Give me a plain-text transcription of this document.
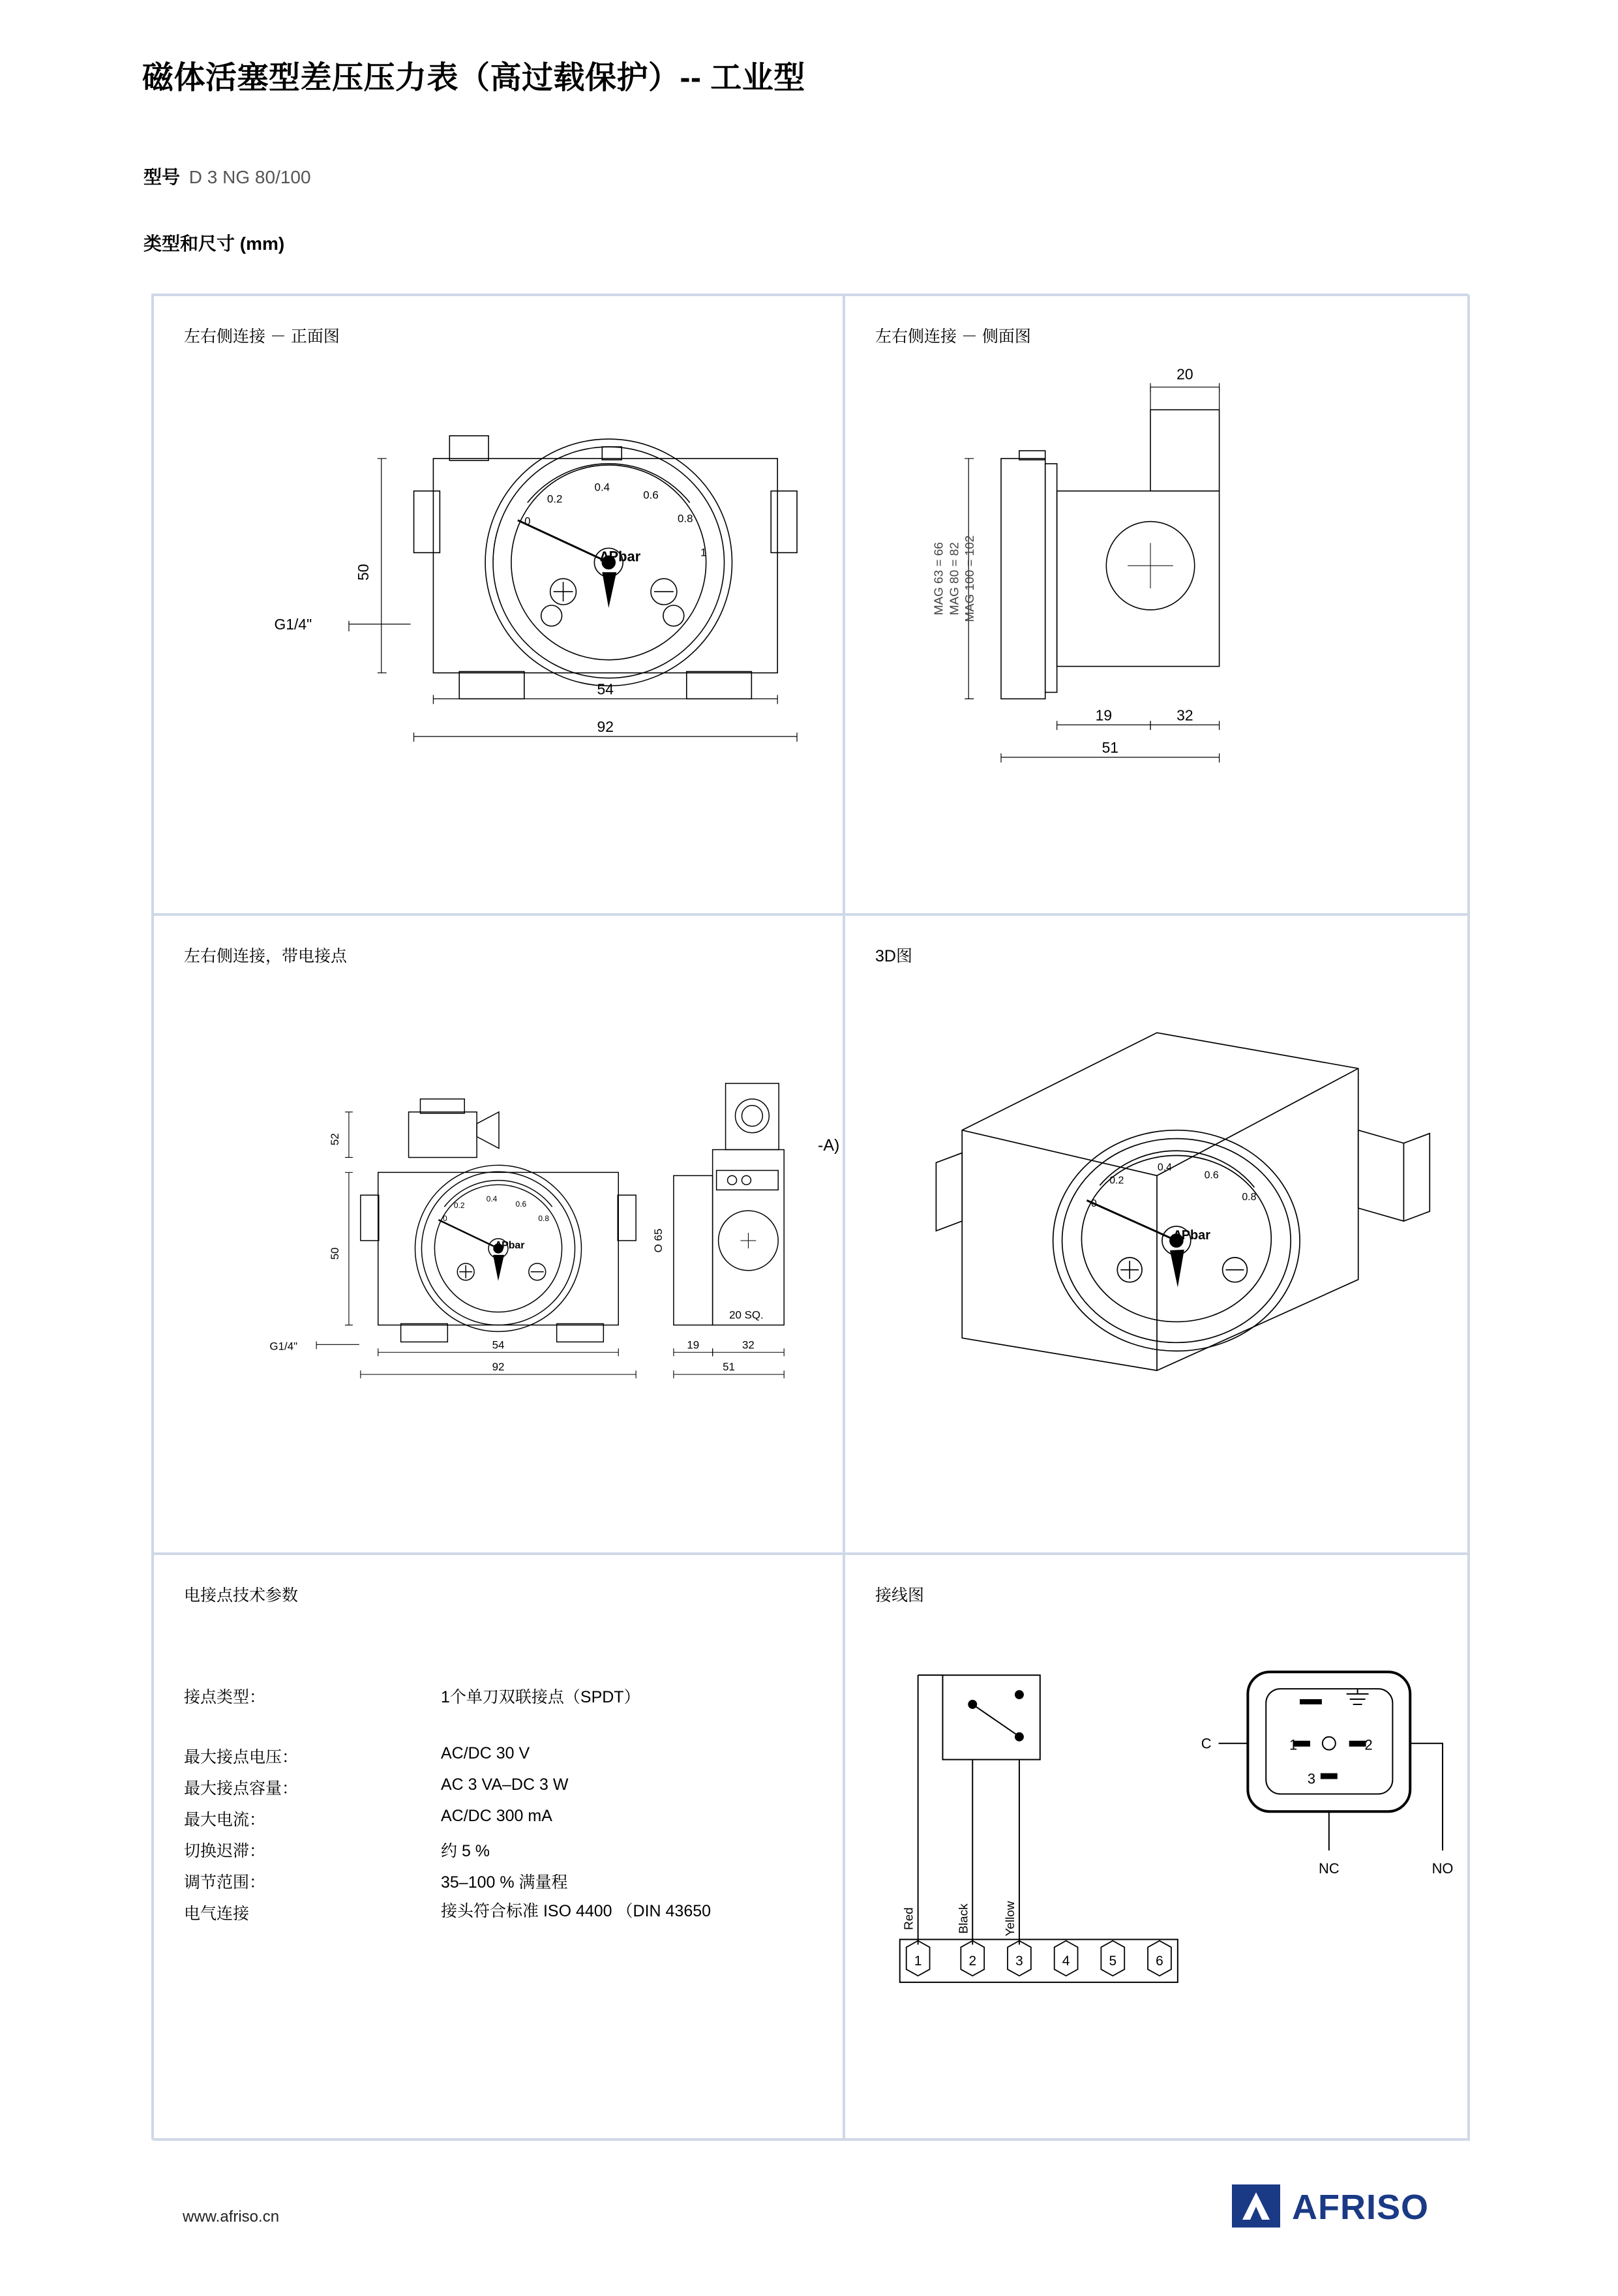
磁体活塞型差压压力表（高过载保护）-- 工业型
型号 D 3 NG 80/100
类型和尺寸 (mm)
左右侧连接 － 正面图
0
0.2
0.4
0.6
0.8
1
∆Pbar
50
G1/4"
54
92
左右侧连接 － 侧面图
20
19	32
51
MAG 63 = 66 MAG 80 = 82 MAG 100 = 102
左右侧连接，带电接点
0
0.2
0.4
0.6
0.8
∆Pbar
52
50
G1/4"	54
92
19	32
51
O 65
20 SQ.
3D图
0
0.2
0.4
0.6
0.8
∆Pbar
电接点技术参数
接点类型：	1个单刀双联接点（SPDT）
最大接点电压：	AC/DC 30 V
最大接点容量：	AC 3 VA–DC 3 W
最大电流：	AC/DC 300 mA
切换迟滞：	约 5 %
调节范围：	35–100 % 满量程
电气连接	接头符合标准 ISO 4400 （DIN 43650
-A)
接线图
C	1	2
3
NC	NO
Red	Black	Yellow
1	2	3	4	5	6
www.afriso.cn	AFRISO
